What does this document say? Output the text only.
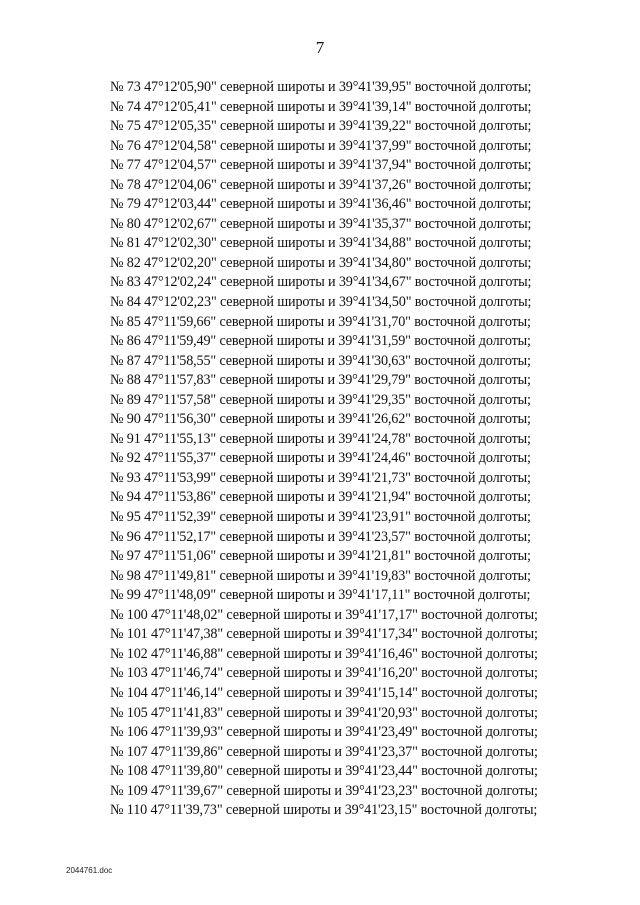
7
№ 73 47°12'05,90" северной широты и 39°41'39,95" восточной долготы;
№ 74 47°12'05,41" северной широты и 39°41'39,14" восточной долготы;
№ 75 47°12'05,35" северной широты и 39°41'39,22" восточной долготы;
№ 76 47°12'04,58" северной широты и 39°41'37,99" восточной долготы;
№ 77 47°12'04,57" северной широты и 39°41'37,94" восточной долготы;
№ 78 47°12'04,06" северной широты и 39°41'37,26" восточной долготы;
№ 79 47°12'03,44" северной широты и 39°41'36,46" восточной долготы;
№ 80 47°12'02,67" северной широты и 39°41'35,37" восточной долготы;
№ 81 47°12'02,30" северной широты и 39°41'34,88" восточной долготы;
№ 82 47°12'02,20" северной широты и 39°41'34,80" восточной долготы;
№ 83 47°12'02,24" северной широты и 39°41'34,67" восточной долготы;
№ 84 47°12'02,23" северной широты и 39°41'34,50" восточной долготы;
№ 85 47°11'59,66" северной широты и 39°41'31,70" восточной долготы;
№ 86 47°11'59,49" северной широты и 39°41'31,59" восточной долготы;
№ 87 47°11'58,55" северной широты и 39°41'30,63" восточной долготы;
№ 88 47°11'57,83" северной широты и 39°41'29,79" восточной долготы;
№ 89 47°11'57,58" северной широты и 39°41'29,35" восточной долготы;
№ 90 47°11'56,30" северной широты и 39°41'26,62" восточной долготы;
№ 91 47°11'55,13" северной широты и 39°41'24,78" восточной долготы;
№ 92 47°11'55,37" северной широты и 39°41'24,46" восточной долготы;
№ 93 47°11'53,99" северной широты и 39°41'21,73" восточной долготы;
№ 94 47°11'53,86" северной широты и 39°41'21,94" восточной долготы;
№ 95 47°11'52,39" северной широты и 39°41'23,91" восточной долготы;
№ 96 47°11'52,17" северной широты и 39°41'23,57" восточной долготы;
№ 97 47°11'51,06" северной широты и 39°41'21,81" восточной долготы;
№ 98 47°11'49,81" северной широты и 39°41'19,83" восточной долготы;
№ 99 47°11'48,09" северной широты и 39°41'17,11" восточной долготы;
№ 100 47°11'48,02" северной широты и 39°41'17,17" восточной долготы;
№ 101 47°11'47,38" северной широты и 39°41'17,34" восточной долготы;
№ 102 47°11'46,88" северной широты и 39°41'16,46" восточной долготы;
№ 103 47°11'46,74" северной широты и 39°41'16,20" восточной долготы;
№ 104 47°11'46,14" северной широты и 39°41'15,14" восточной долготы;
№ 105 47°11'41,83" северной широты и 39°41'20,93" восточной долготы;
№ 106 47°11'39,93" северной широты и 39°41'23,49" восточной долготы;
№ 107 47°11'39,86" северной широты и 39°41'23,37" восточной долготы;
№ 108 47°11'39,80" северной широты и 39°41'23,44" восточной долготы;
№ 109 47°11'39,67" северной широты и 39°41'23,23" восточной долготы;
№ 110 47°11'39,73" северной широты и 39°41'23,15" восточной долготы;
2044761.doc
